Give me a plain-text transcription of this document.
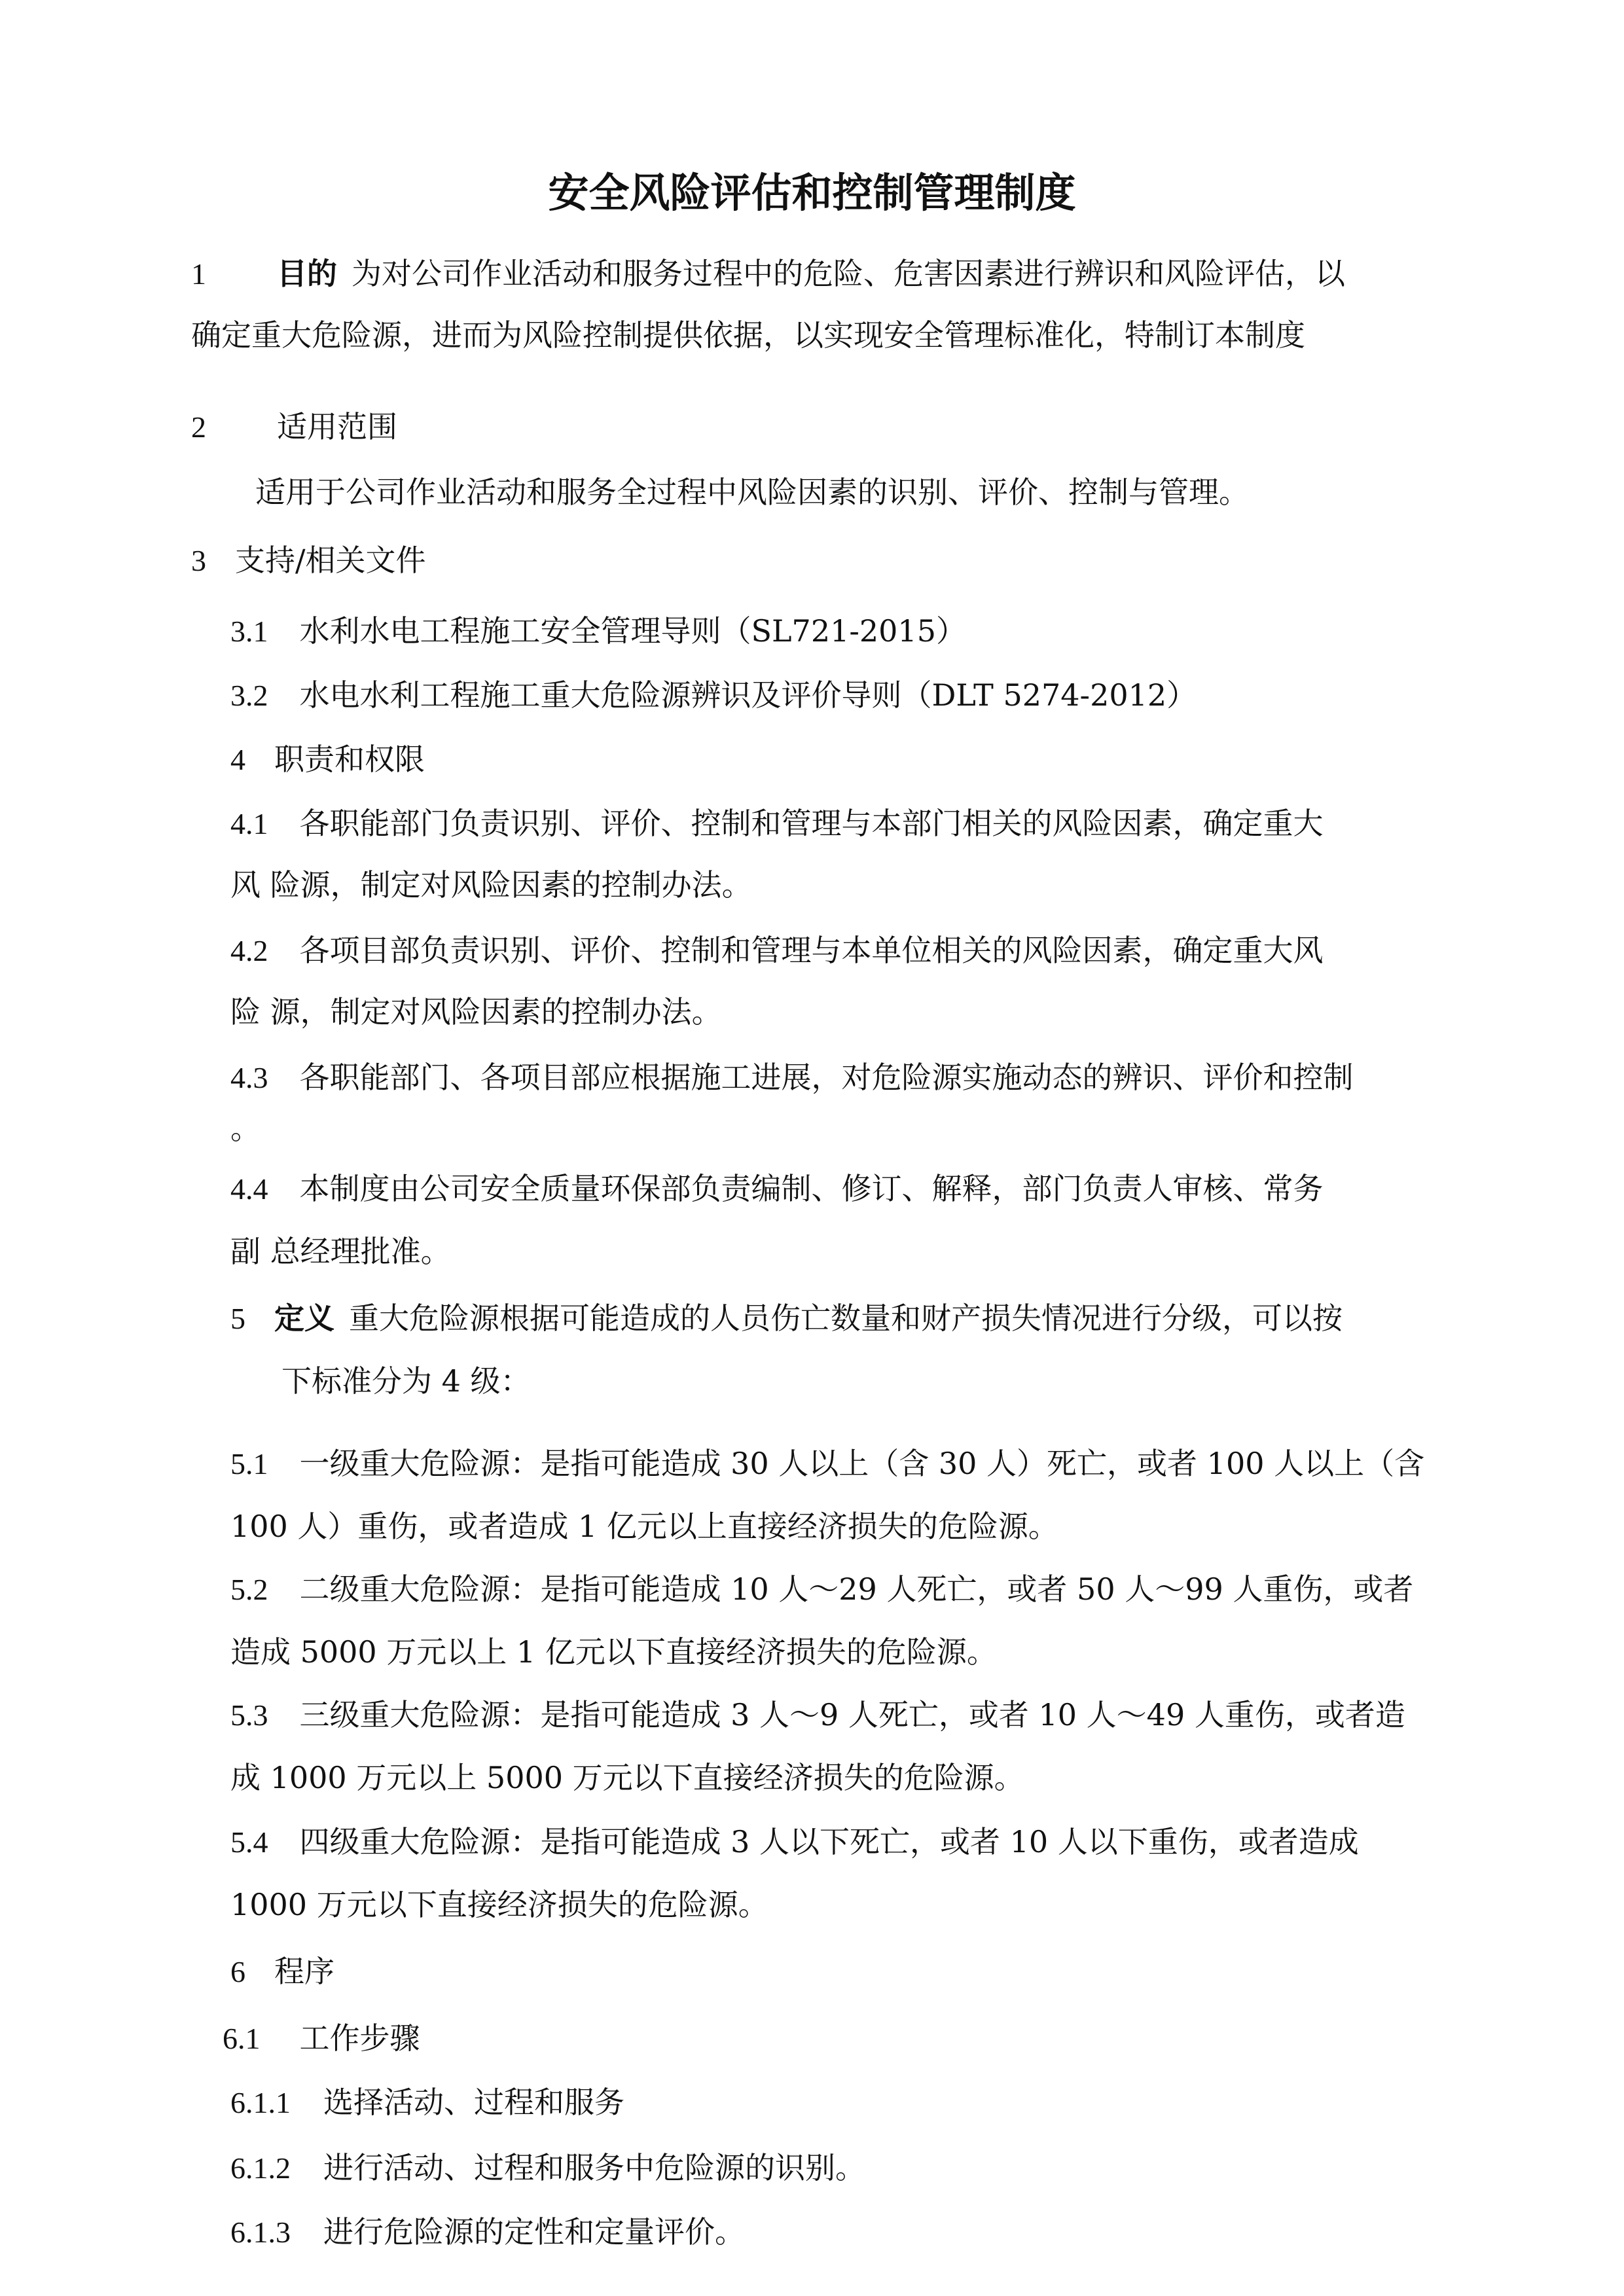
安全风险评估和控制管理制度
1 目的 为对公司作业活动和服务过程中的危险、危害因素进行辨识和风险评估，以
确定重大危险源，进而为风险控制提供依据，以实现安全管理标准化，特制订本制度
2 适用范围
适用于公司作业活动和服务全过程中风险因素的识别、评价、控制与管理。
3 支持/相关文件
3.1 水利水电工程施工安全管理导则（SL721-2015）
3.2 水电水利工程施工重大危险源辨识及评价导则（DLT 5274-2012）
4 职责和权限
4.1 各职能部门负责识别、评价、控制和管理与本部门相关的风险因素，确定重大
风 险源，制定对风险因素的控制办法。
4.2 各项目部负责识别、评价、控制和管理与本单位相关的风险因素，确定重大风
险 源，制定对风险因素的控制办法。
4.3 各职能部门、各项目部应根据施工进展，对危险源实施动态的辨识、评价和控制
。
4.4 本制度由公司安全质量环保部负责编制、修订、解释，部门负责人审核、常务
副 总经理批准。
5 定义 重大危险源根据可能造成的人员伤亡数量和财产损失情况进行分级，可以按
下标准分为 4 级：
5.1 一级重大危险源：是指可能造成 30 人以上（含 30 人）死亡，或者 100 人以上（含
100 人）重伤，或者造成 1 亿元以上直接经济损失的危险源。
5.2 二级重大危险源：是指可能造成 10 人～29 人死亡，或者 50 人～99 人重伤，或者
造成 5000 万元以上 1 亿元以下直接经济损失的危险源。
5.3 三级重大危险源：是指可能造成 3 人～9 人死亡，或者 10 人～49 人重伤，或者造
成 1000 万元以上 5000 万元以下直接经济损失的危险源。
5.4 四级重大危险源：是指可能造成 3 人以下死亡，或者 10 人以下重伤，或者造成
1000 万元以下直接经济损失的危险源。
6 程序
6.1 工作步骤
6.1.1 选择活动、过程和服务
6.1.2 进行活动、过程和服务中危险源的识别。
6.1.3 进行危险源的定性和定量评价。
